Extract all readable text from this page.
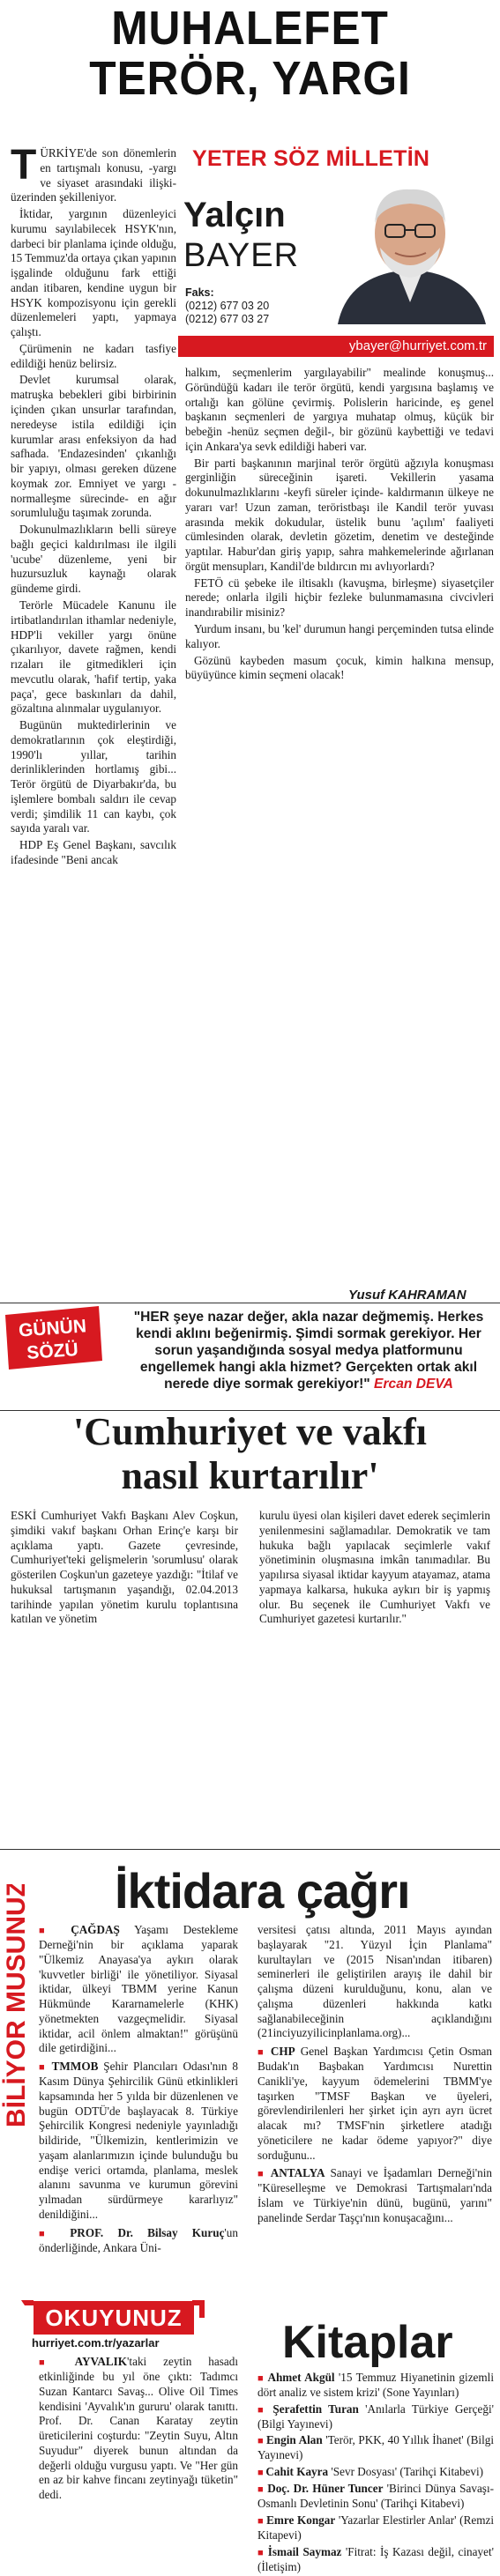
MUHALEFET
TERÖR, YARGI

TÜRKİYE'de son dönemlerin en tartışmalı konusu, -yargı ve siyaset arasındaki ilişki- üzerinden şekilleniyor.

İktidar, yargının düzenleyici kurumu sayılabilecek HSYK'nın, darbeci bir planlama içinde olduğu, 15 Temmuz'da ortaya çıkan yapının işgalinde olduğunu fark ettiği andan itibaren, kendine uygun bir HSYK kompozisyonu için gerekli düzenlemeleri yaptı, yapmaya çalıştı.

Çürümenin ne kadarı tasfiye edildiği henüz belirsiz.

Devlet kurumsal olarak, matruşka bebekleri gibi birbirinin içinden çıkan unsurlar tarafından, neredeyse istila edildiği için kurumlar arası enfeksiyon da had safhada. 'Endazesinden' çıkanlığı bir yapıyı, olması gereken düzene koymak zor. Emniyet ve yargı -normalleşme sürecinde- en ağır sorumluluğu taşımak zorunda.

Dokunulmazlıkların belli süreye bağlı geçici kaldırılması ile ilgili 'ucube' düzenleme, yeni bir huzursuzluk kaynağı olarak gündeme girdi.

Terörle Mücadele Kanunu ile irtibatlandırılan ithamlar nedeniyle, HDP'li vekiller yargı önüne çıkarılıyor, davete rağmen, kendi rızaları ile gitmedikleri için mevcutlu olarak, 'hafif tertip, yaka paça', gece baskınları da dahil, gözaltına alınmalar uygulanıyor.

Bugünün muktedirlerinin ve demokratlarının çok eleştirdiği, 1990'lı yıllar, tarihin derinliklerinden hortlamış gibi... Terör örgütü de Diyarbakır'da, bu işlemlere bombalı saldırı ile cevap verdi; şimdilik 11 can kaybı, çok sayıda yaralı var.

HDP Eş Genel Başkanı, savcılık ifadesinde "Beni ancak

YETER SÖZ MİLLETİN
Yalçın
BAYER
Faks:
(0212) 677 03 20
(0212) 677 03 27
ybayer@hurriyet.com.tr

halkım, seçmenlerim yargılayabilir" mealinde konuşmuş... Göründüğü kadarı ile terör örgütü, kendi yargısına başlamış ve ortalığı kan gölüne çevirmiş. Polislerin haricinde, eş genel başkanın seçmenleri de yargıya muhatap olmuş, küçük bir bebeğin -henüz seçmen değil-, bir gözünü kaybettiği ve tedavi için Ankara'ya sevk edildiği haberi var.

Bir parti başkanının marjinal terör örgütü ağzıyla konuşması gerginliğin süreceğinin işareti. Vekillerin yasama dokunulmazlıklarını -keyfi süreler içinde- kaldırmanın ülkeye ne yararı var! Uzun zaman, teröristbaşı ile Kandil terör yuvası arasında mekik dokudular, üstelik bunu 'açılım' faaliyeti cümlesinden olarak, devletin gözetim, denetim ve desteğinde yaptılar. Habur'dan giriş yapıp, sahra mahkemelerinde ağırlanan örgüt mensupları, Kandil'de bıldırcın mı avlıyorlardı?

FETÖ cü şebeke ile iltisaklı (kavuşma, birleşme) siyasetçiler nerede; onlarla ilgili hiçbir fezleke bulunmamasına civcivleri inandırabilir misiniz?

Yurdum insanı, bu 'kel' durumun hangi perçeminden tutsa elinde kalıyor.

Gözünü kaybeden masum çocuk, kimin halkına mensup, büyüyünce kimin seçmeni olacak!

Yusuf KAHRAMAN
GÜNÜN
SÖZÜ
"HER şeye nazar değer, akla nazar değmemiş. Herkes kendi aklını beğenirmiş. Şimdi sormak gerekiyor. Her sorun yaşandığında sosyal medya platformunu engellemek hangi akla hizmet? Gerçekten ortak akıl nerede diye sormak gerekiyor!" Ercan DEVA
'Cumhuriyet ve vakfı
nasıl kurtarılır'

ESKİ Cumhuriyet Vakfı Başkanı Alev Coşkun, şimdiki vakıf başkanı Orhan Erinç'e karşı bir açıklama yaptı. Gazete çevresinde, Cumhuriyet'teki gelişmelerin 'sorumlusu' olarak gösterilen Coşkun'un gazeteye yazdığı: "İtilaf ve hukuksal tartışmanın yaşandığı, 02.04.2013 tarihinde yapılan yönetim kurulu toplantısına katılan ve yönetim

kurulu üyesi olan kişileri davet ederek seçimlerin yenilenmesini sağlamadılar. Demokratik ve tam hukuka bağlı yapılacak seçimlerle vakıf yönetiminin oluşmasına imkân tanımadılar. Bu yapılırsa siyasal iktidar kayyum atayamaz, atama yapmaya kalkarsa, hukuka aykırı bir iş yapmış olur. Bu seçenek ile Cumhuriyet Vakfı ve Cumhuriyet gazetesi kurtarılır."

BİLİYOR MUSUNUZ? İktidara çağrı

■ ÇAĞDAŞ Yaşamı Destekleme Derneği'nin bir açıklama yaparak "Ülkemiz Anayasa'ya aykırı olarak 'kuvvetler birliği' ile yönetiliyor. Siyasal iktidar, ülkeyi TBMM yerine Kanun Hükmünde Kararnamelerle (KHK) yönetmekten vazgeçmelidir. Siyasal iktidar, acil önlem almaktan!" görüşünü dile getirdiğini...

■ TMMOB Şehir Plancıları Odası'nın 8 Kasım Dünya Şehircilik Günü etkinlikleri kapsamında her 5 yılda bir düzenlenen ve bugün ODTÜ'de başlayacak 8. Türkiye Şehircilik Kongresi nedeniyle yayınladığı bildiride, "Ülkemizin, kentlerimizin ve yaşam alanlarımızın içinde bulunduğu bu endişe verici ortamda, planlama, meslek alanını savunma ve kurumun görevini yılmadan sürdürmeye kararlıyız" denildiğini...

■ PROF. Dr. Bilsay Kuruç'un önderliğinde, Ankara Üni-

versitesi çatısı altında, 2011 Mayıs ayından başlayarak "21. Yüzyıl İçin Planlama" kurultayları ve (2015 Nisan'ından itibaren) seminerleri ile geliştirilen arayış ile dahil bir çalışma düzeni kurulduğunu, konu, alan ve çalışma düzenleri hakkında katkı sağlanabileceğinin açıklandığını (21inciyuzyilicinplanlama.org)...

■ CHP Genel Başkan Yardımcısı Çetin Osman Budak'ın Başbakan Yardımcısı Nurettin Canikli'ye, kayyum ödemelerini TBMM'ye taşırken "TMSF Başkan ve üyeleri, görevlendirilenleri her şirket için ayrı ayrı ücret alacak mı? TMSF'nin şirketlere atadığı yöneticilere ne kadar ödeme yapıyor?" diye sorduğunu...

■ ANTALYA Sanayi ve İşadamları Derneği'nin "Küreselleşme ve Demokrasi Tartışmaları'nda İslam ve Türkiye'nin dünü, bugünü, yarını" panelinde Serdar Taşçı'nın konuşacağını...

OKUYUNUZ
hurriyet.com.tr/yazarlar

■ AYVALIK'taki zeytin hasadı etkinliğinde bu yıl öne çıktı: Tadımcı Suzan Kantarcı Savaş... Olive Oil Times kendisini 'Ayvalık'ın gururu' olarak tanıttı. Prof. Dr. Canan Karatay zeytin üreticilerini coşturdu: "Zeytin Suyu, Altın Suyudur" diyerek bunun altından da değerli olduğu vurgusu yaptı. Ve "Her gün en az bir kahve fincanı zeytinyağı tüketin" dedi.

Kitaplar

■ Ahmet Akgül '15 Temmuz Hiyanetinin gizemli dört analiz ve sistem krizi' (Sone Yayınları)

■ Şerafettin Turan 'Anılarla Türkiye Gerçeği' (Bilgi Yayınevi)

■ Engin Alan 'Terör, PKK, 40 Yıllık İhanet' (Bilgi Yayınevi)

■ Cahit Kayra 'Sevr Dosyası' (Tarihçi Kitabevi)

■ Doç. Dr. Hüner Tuncer 'Birinci Dünya Savaşı-Osmanlı Devletinin Sonu' (Tarihçi Kitabevi)

■ Emre Kongar 'Yazarlar Elestirler Anlar' (Remzi Kitapevi)

■ İsmail Saymaz 'Fitrat: İş Kazası değil, cinayet' (İletişim)
